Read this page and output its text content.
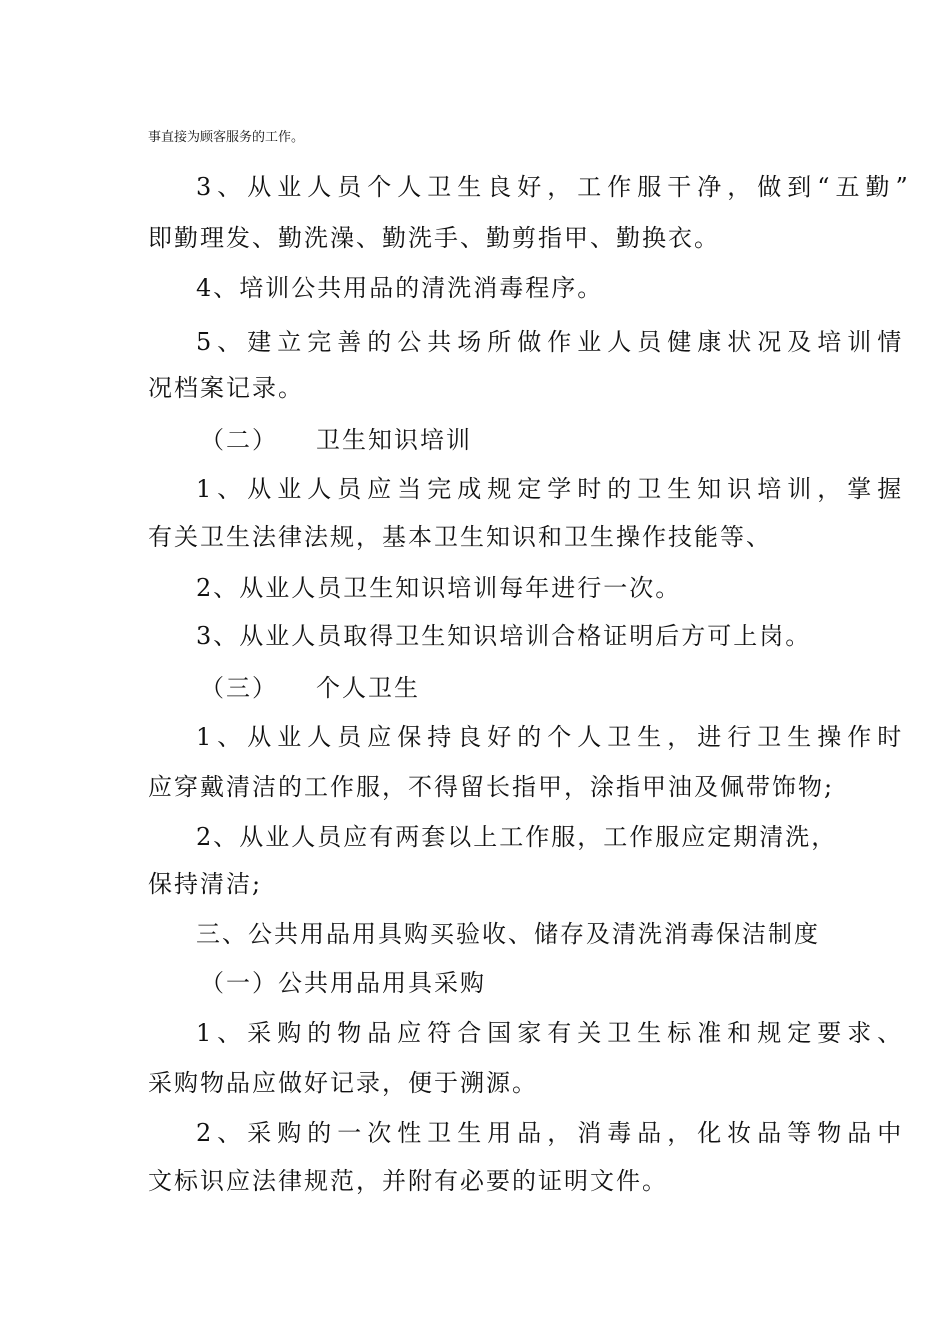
事直接为顾客服务的工作。
3、从业人员个人卫生良好，工作服干净，做到“五勤”
即勤理发、勤洗澡、勤洗手、勤剪指甲、勤换衣。
4、培训公共用品的清洗消毒程序。
5、建立完善的公共场所做作业人员健康状况及培训情
况档案记录。
（二） 卫生知识培训
1、从业人员应当完成规定学时的卫生知识培训，掌握
有关卫生法律法规，基本卫生知识和卫生操作技能等、
2、从业人员卫生知识培训每年进行一次。
3、从业人员取得卫生知识培训合格证明后方可上岗。
（三） 个人卫生
1、从业人员应保持良好的个人卫生，进行卫生操作时
应穿戴清洁的工作服，不得留长指甲，涂指甲油及佩带饰物;
2、从业人员应有两套以上工作服，工作服应定期清洗，
保持清洁;
三、公共用品用具购买验收、储存及清洗消毒保洁制度
（一）公共用品用具采购
1、采购的物品应符合国家有关卫生标准和规定要求、
采购物品应做好记录，便于溯源。
2、采购的一次性卫生用品，消毒品，化妆品等物品中
文标识应法律规范，并附有必要的证明文件。
